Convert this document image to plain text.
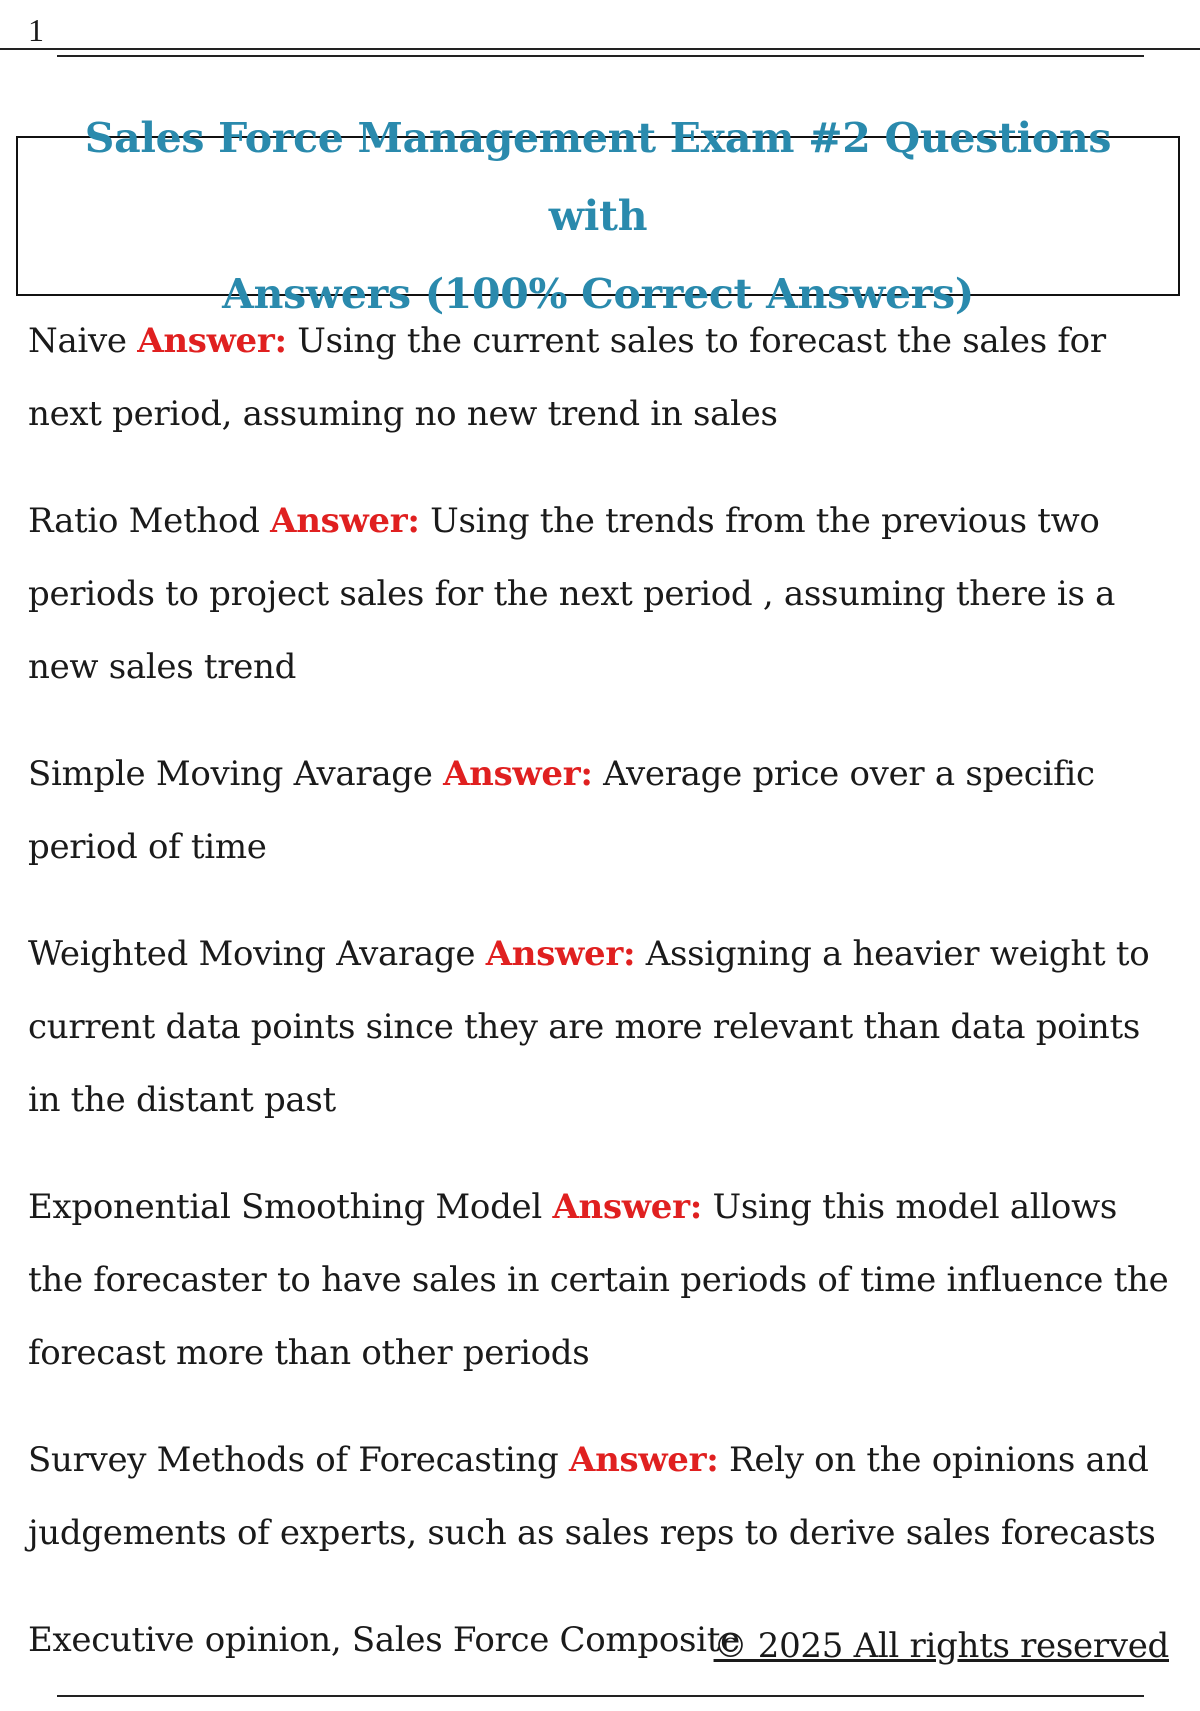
1
Sales Force Management Exam #2 Questions with
Answers (100% Correct Answers)

Naive Answer: Using the current sales to forecast the sales for next period, assuming no new trend in sales

Ratio Method Answer: Using the trends from the previous two periods to project sales for the next period , assuming there is a new sales trend

Simple Moving Avarage Answer: Average price over a specific period of time

Weighted Moving Avarage Answer: Assigning a heavier weight to current data points since they are more relevant than data points in the distant past

Exponential Smoothing Model Answer: Using this model allows the forecaster to have sales in certain periods of time influence the forecast more than other periods

Survey Methods of Forecasting Answer: Rely on the opinions and judgements of experts, such as sales reps to derive sales forecasts

Executive opinion, Sales Force Composite

© 2025 All rights reserved
